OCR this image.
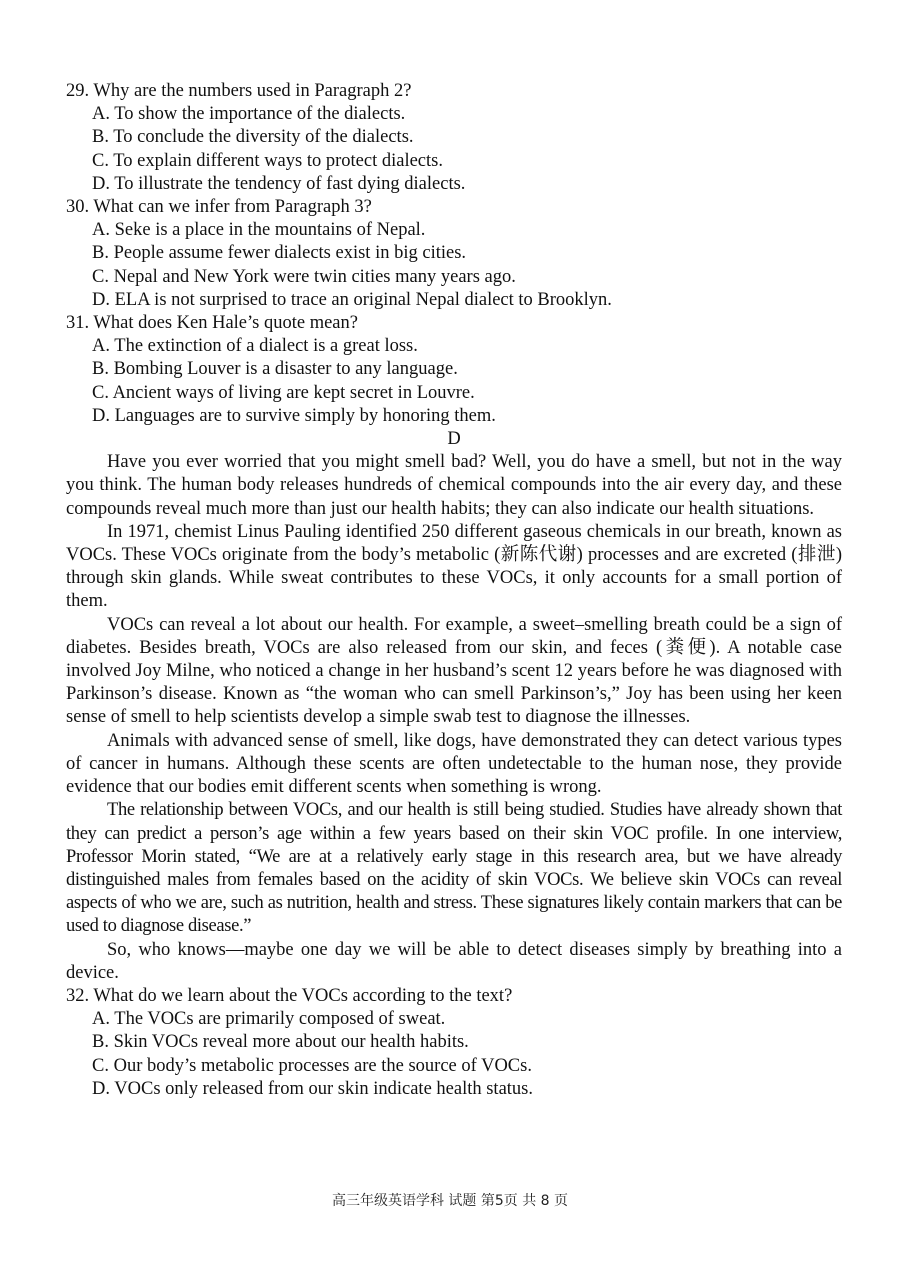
29. Why are the numbers used in Paragraph 2?

A. To show the importance of the dialects.

B. To conclude the diversity of the dialects.

C. To explain different ways to protect dialects.

D. To illustrate the tendency of fast dying dialects.

30. What can we infer from Paragraph 3?

A. Seke is a place in the mountains of Nepal.

B. People assume fewer dialects exist in big cities.

C. Nepal and New York were twin cities many years ago.

D. ELA is not surprised to trace an original Nepal dialect to Brooklyn.

31. What does Ken Hale’s quote mean?

A. The extinction of a dialect is a great loss.

B. Bombing Louver is a disaster to any language.

C. Ancient ways of living are kept secret in Louvre.

D. Languages are to survive simply by honoring them.

D

Have you ever worried that you might smell bad? Well, you do have a smell, but not in the way you think. The human body releases hundreds of chemical compounds into the air every day, and these compounds reveal much more than just our health habits; they can also indicate our health situations.

In 1971, chemist Linus Pauling identified 250 different gaseous chemicals in our breath, known as VOCs. These VOCs originate from the body’s metabolic (新陈代谢) processes and are excreted (排泄) through skin glands. While sweat contributes to these VOCs, it only accounts for a small portion of them.

VOCs can reveal a lot about our health. For example, a sweet–smelling breath could be a sign of diabetes. Besides breath, VOCs are also released from our skin, and feces (粪便). A notable case involved Joy Milne, who noticed a change in her husband’s scent 12 years before he was diagnosed with Parkinson’s disease. Known as “the woman who can smell Parkinson’s,” Joy has been using her keen sense of smell to help scientists develop a simple swab test to diagnose the illnesses.

Animals with advanced sense of smell, like dogs, have demonstrated they can detect various types of cancer in humans. Although these scents are often undetectable to the human nose, they provide evidence that our bodies emit different scents when something is wrong.

The relationship between VOCs, and our health is still being studied. Studies have already shown that they can predict a person’s age within a few years based on their skin VOC profile. In one interview, Professor Morin stated, “We are at a relatively early stage in this research area, but we have already distinguished males from females based on the acidity of skin VOCs. We believe skin VOCs can reveal aspects of who we are, such as nutrition, health and stress. These signatures likely contain markers that can be used to diagnose disease.”

So, who knows—maybe one day we will be able to detect diseases simply by breathing into a device.

32. What do we learn about the VOCs according to the text?

A. The VOCs are primarily composed of sweat.

B. Skin VOCs reveal more about our health habits.

C. Our body’s metabolic processes are the source of VOCs.

D. VOCs only released from our skin indicate health status.

高三年级英语学科 试题 第5页 共 8 页
